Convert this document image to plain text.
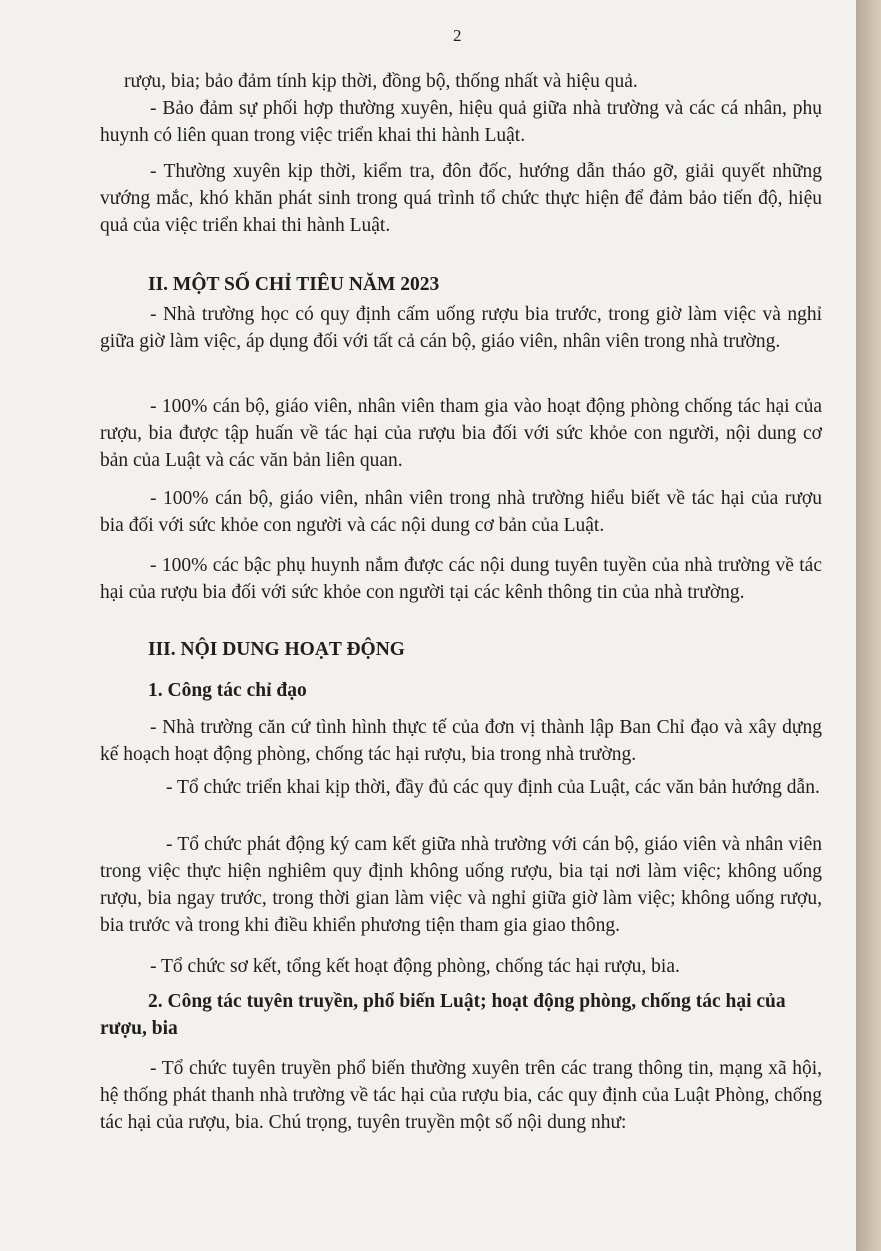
2

rượu, bia; bảo đảm tính kịp thời, đồng bộ, thống nhất và hiệu quả.

- Bảo đảm sự phối hợp thường xuyên, hiệu quả giữa nhà trường và các cá nhân, phụ huynh có liên quan trong việc triển khai thi hành Luật.

- Thường xuyên kịp thời, kiểm tra, đôn đốc, hướng dẫn tháo gỡ, giải quyết những vướng mắc, khó khăn phát sinh trong quá trình tổ chức thực hiện để đảm bảo tiến độ, hiệu quả của việc triển khai thi hành Luật.

II. MỘT SỐ CHỈ TIÊU NĂM 2023

- Nhà trường học có quy định cấm uống rượu bia trước, trong giờ làm việc và nghỉ giữa giờ làm việc, áp dụng đối với tất cả cán bộ, giáo viên, nhân viên trong nhà trường.

- 100% cán bộ, giáo viên, nhân viên tham gia vào hoạt động phòng chống tác hại của rượu, bia được tập huấn về tác hại của rượu bia đối với sức khỏe con người, nội dung cơ bản của Luật và các văn bản liên quan.

- 100% cán bộ, giáo viên, nhân viên trong nhà trường hiểu biết về tác hại của rượu bia đối với sức khỏe con người và các nội dung cơ bản của Luật.

- 100% các bậc phụ huynh nắm được các nội dung tuyên tuyền của nhà trường về tác hại của rượu bia đối với sức khỏe con người tại các kênh thông tin của nhà trường.

III. NỘI DUNG HOẠT ĐỘNG
1. Công tác chỉ đạo

- Nhà trường căn cứ tình hình thực tế của đơn vị thành lập Ban Chỉ đạo và xây dựng kế hoạch hoạt động phòng, chống tác hại rượu, bia trong nhà trường.

- Tổ chức triển khai kịp thời, đầy đủ các quy định của Luật, các văn bản hướng dẫn.

- Tổ chức phát động ký cam kết giữa nhà trường với cán bộ, giáo viên và nhân viên trong việc thực hiện nghiêm quy định không uống rượu, bia tại nơi làm việc; không uống rượu, bia ngay trước, trong thời gian làm việc và nghỉ giữa giờ làm việc; không uống rượu, bia trước và trong khi điều khiển phương tiện tham gia giao thông.

- Tổ chức sơ kết, tổng kết hoạt động phòng, chống tác hại rượu, bia.

2. Công tác tuyên truyền, phổ biến Luật; hoạt động phòng, chống tác hại của rượu, bia

- Tổ chức tuyên truyền phổ biến thường xuyên trên các trang thông tin, mạng xã hội, hệ thống phát thanh nhà trường về tác hại của rượu bia, các quy định của Luật Phòng, chống tác hại của rượu, bia. Chú trọng, tuyên truyền một số nội dung như:
